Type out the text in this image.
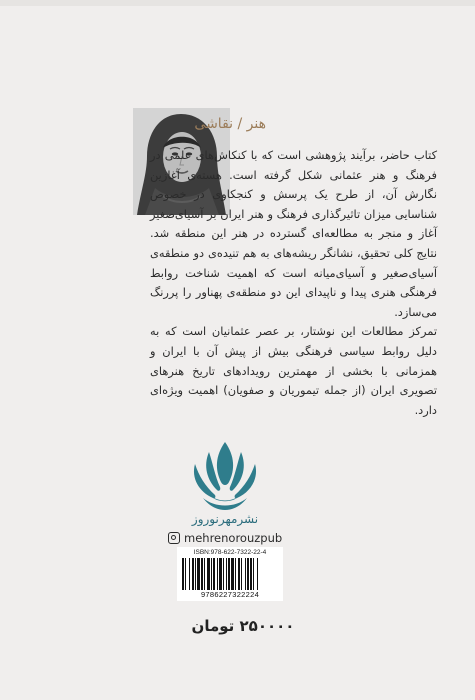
هنر / نقاشی

کتاب حاضر، برآیند پژوهشی است که با کنکاش‌های علمی در فرهنگ و هنر عثمانی شکل گرفته است. هسته‌ی آغازین نگارش آن، از طرح یک پرسش و کنجکاوی در خصوص شناسایی میزان تاثیرگذاری فرهنگ و هنر ایران بر آسیای‌صغیر آغاز و منجر به مطالعه‌ای گسترده در هنر این منطقه شد. نتایج کلی تحقیق، نشانگر ریشه‌های به هم تنیده‌ی دو منطقه‌ی آسیای‌صغیر و آسیای‌میانه است که اهمیت شناخت روابط فرهنگی هنری پیدا و ناپیدای این دو منطقه‌ی پهناور را پررنگ می‌سازد.

تمرکز مطالعات این نوشتار، بر عصر عثمانیان است که به دلیل روابط سیاسی فرهنگی بیش از پیش آن با ایران و همزمانی با بخشی از مهمترین رویدادهای تاریخ هنرهای تصویری ایران (از جمله تیموریان و صفویان) اهمیت ویژه‌ای دارد.

نشرمهرنوروز
mehrenorouzpub
ISBN:978-622-7322-22-4
9786227322224
۲۵۰۰۰۰ تومان
